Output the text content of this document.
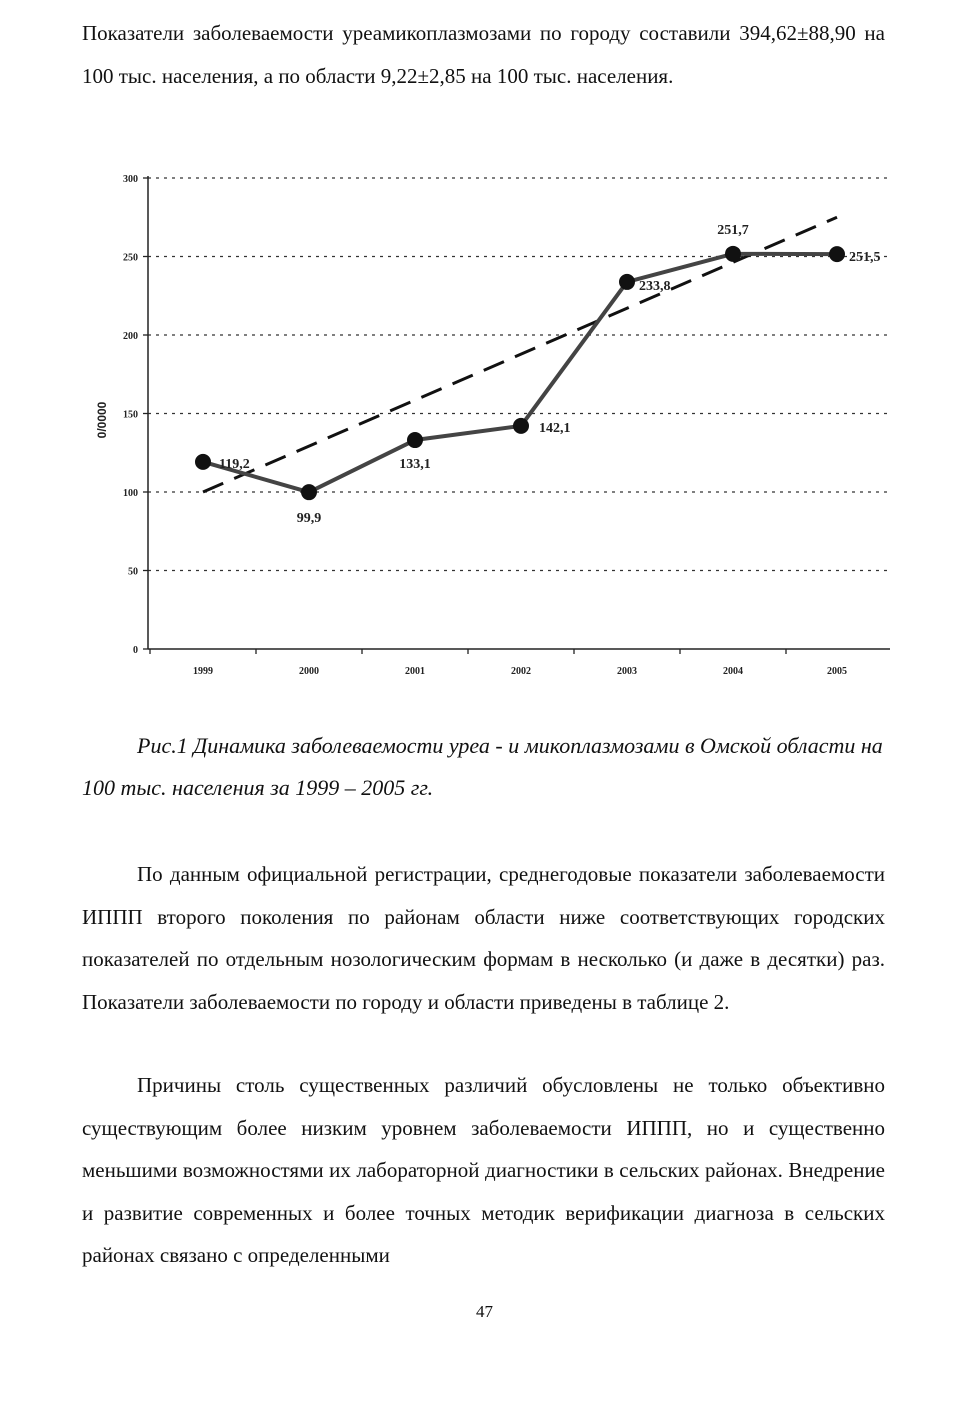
Показатели заболеваемости уреамикоплазмозами по городу составили 394,62±88,90 на 100 тыс. населения, а по области 9,22±2,85 на 100 тыс. населения.

0
50
100
150
200
250
300
1999	2000	2001	2002	2003	2004	2005
0/0000
119,2
99,9
133,1
142,1
233,8
251,7
251,5

Рис.1 Динамика заболеваемости уреа - и микоплазмозами в Омской области на 100 тыс. населения за 1999 – 2005 гг.

По данным официальной регистрации, среднегодовые показатели заболеваемости ИППП второго поколения по районам области ниже соответствующих городских показателей по отдельным нозологическим формам в несколько (и даже в десятки) раз. Показатели заболеваемости по городу и области приведены в таблице 2.

Причины столь существенных различий обусловлены не только объективно существующим более низким уровнем заболеваемости ИППП, но и существенно меньшими возможностями их лабораторной диагностики в сельских районах. Внедрение и развитие современных и более точных методик верификации диагноза в сельских районах связано с определенными

47
